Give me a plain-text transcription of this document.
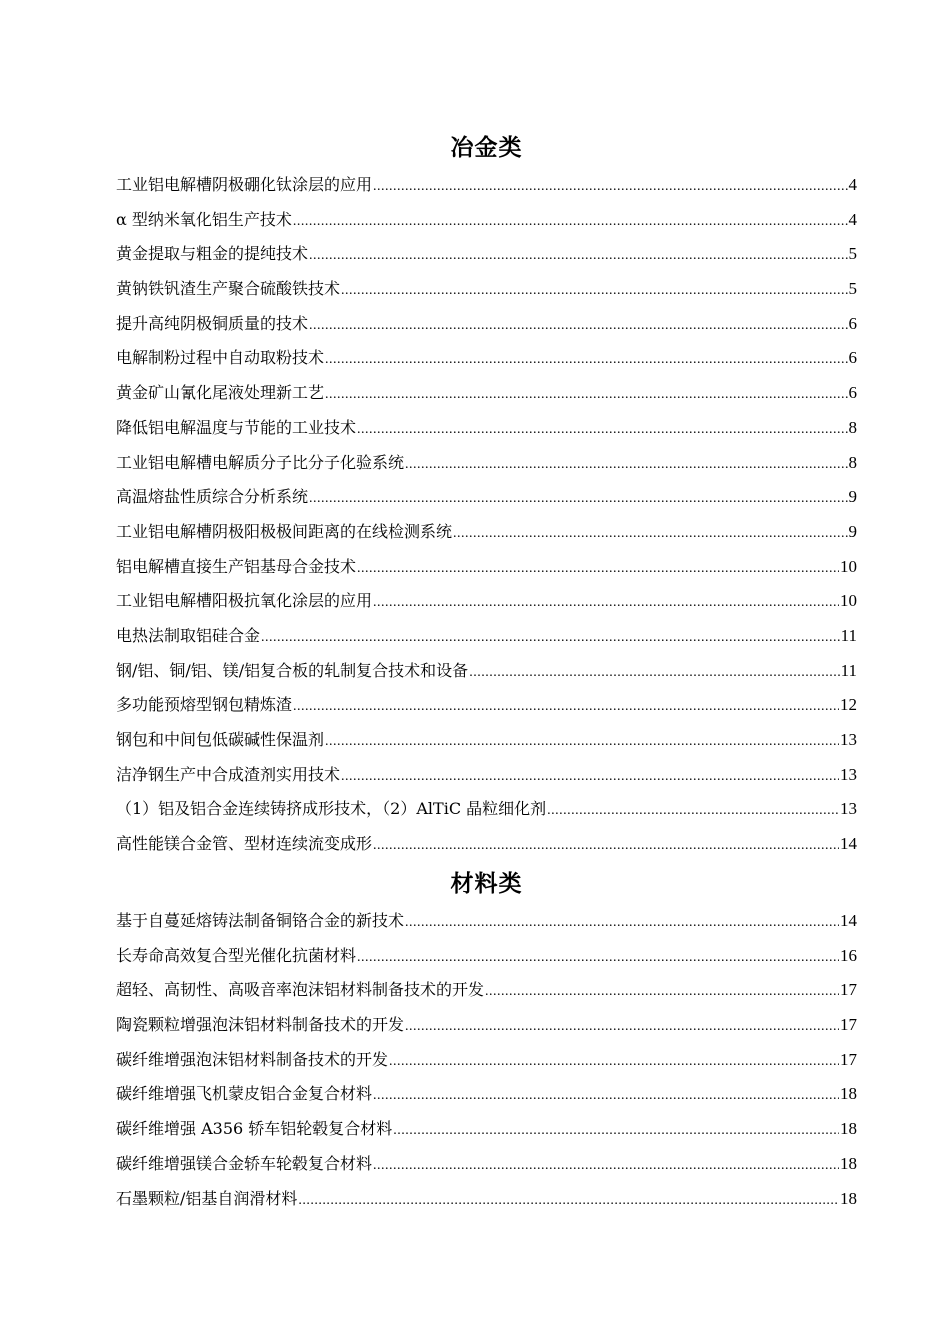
冶金类
工业铝电解槽阴极硼化钛涂层的应用 .....	4
α 型纳米氧化铝生产技术 .....	4
黄金提取与粗金的提纯技术 .....	5
黄钠铁钒渣生产聚合硫酸铁技术 .....	5
提升高纯阴极铜质量的技术 .....	6
电解制粉过程中自动取粉技术 .....	6
黄金矿山氰化尾液处理新工艺 .....	6
降低铝电解温度与节能的工业技术 .....	8
工业铝电解槽电解质分子比分子化验系统 .....	8
高温熔盐性质综合分析系统 .....	9
工业铝电解槽阴极阳极极间距离的在线检测系统 .....	9
铝电解槽直接生产铝基母合金技术 .....	10
工业铝电解槽阳极抗氧化涂层的应用 .....	10
电热法制取铝硅合金 .....	11
钢/铝、铜/铝、镁/铝复合板的轧制复合技术和设备 .....	11
多功能预熔型钢包精炼渣 .....	12
钢包和中间包低碳碱性保温剂 .....	13
洁净钢生产中合成渣剂实用技术 .....	13
（1）铝及铝合金连续铸挤成形技术，（2）AlTiC 晶粒细化剂 .....	13
高性能镁合金管、型材连续流变成形 .....	14
材料类
基于自蔓延熔铸法制备铜铬合金的新技术 .....	14
长寿命高效复合型光催化抗菌材料 .....	16
超轻、高韧性、高吸音率泡沫铝材料制备技术的开发 .....	17
陶瓷颗粒增强泡沫铝材料制备技术的开发 .....	17
碳纤维增强泡沫铝材料制备技术的开发 .....	17
碳纤维增强飞机蒙皮铝合金复合材料 .....	18
碳纤维增强 A356 轿车铝轮毂复合材料 .....	18
碳纤维增强镁合金轿车轮毂复合材料 .....	18
石墨颗粒/铝基自润滑材料 .....	18
